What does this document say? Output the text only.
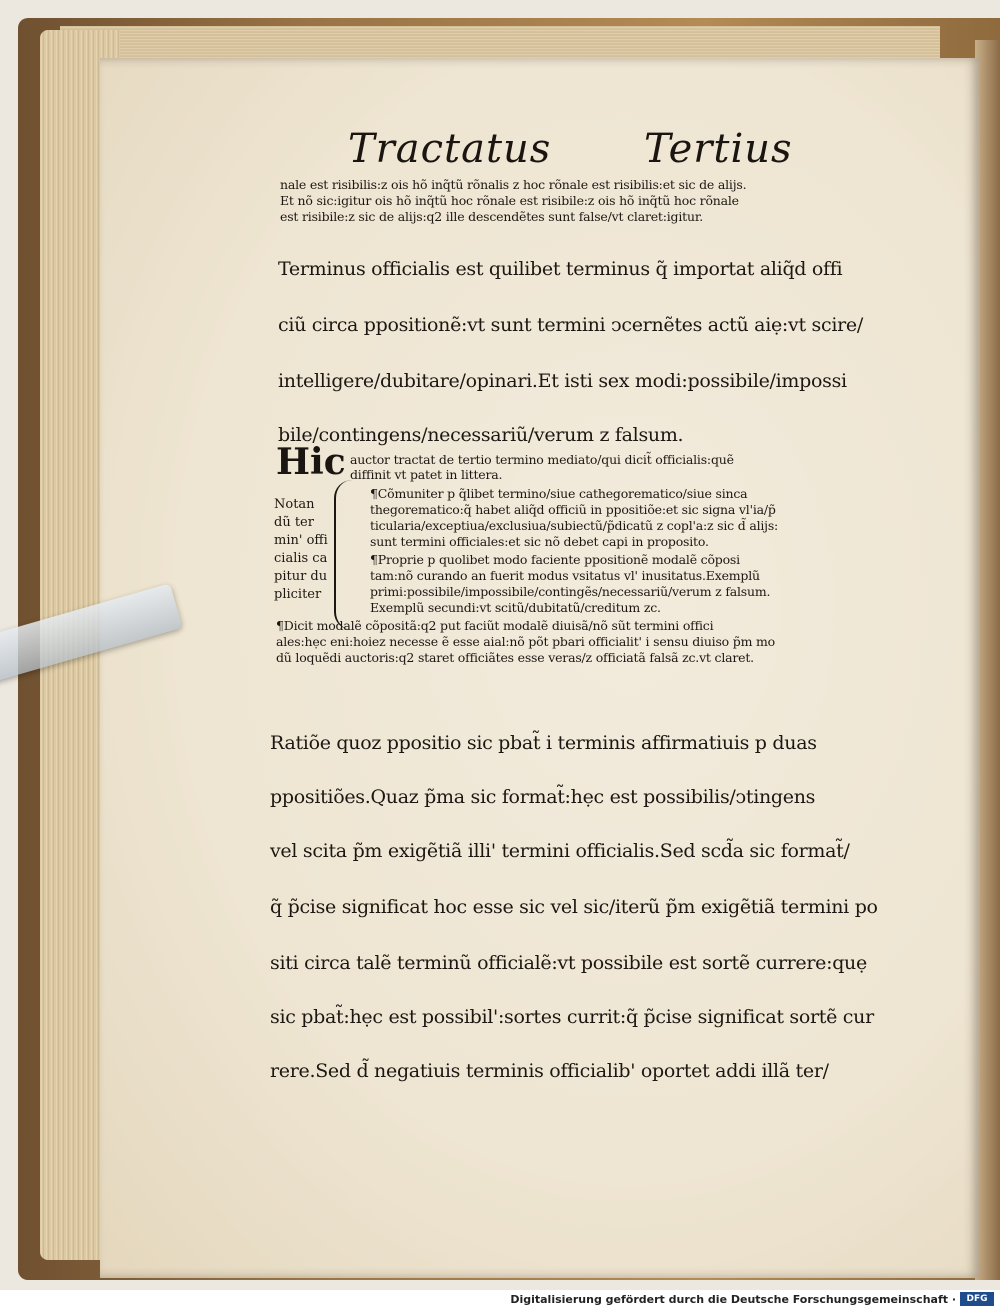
Tractatus Tertius
nale est risibilis:z ois hõ inq̃tũ rõnalis z hoc rõnale est risibilis:et sic de alijs.
Et nõ sic:igitur ois hõ inq̃tũ hoc rõnale est risibile:z ois hõ inq̃tũ hoc rõnale
est risibile:z sic de alijs:q2 ille descendẽtes sunt false/vt claret:igitur.
Terminus officialis est quilibet terminus q̃ importat aliq̃d offi
ciũ circa ppositionẽ:vt sunt termini ↄcernẽtes actũ aiẹ:vt scire/
intelligere/dubitare/opinari.Et isti sex modi:possibile/impossi
bile/contingens/necessariũ/verum z falsum.
Hic auctor tractat de tertio termino mediato/qui dicit̃ officialis:quẽ
diffinit vt patet in littera.
Notan
dũ ter
min' offi
cialis ca
pitur du
pliciter
¶Cõmuniter p q̃libet termino/siue cathegorematico/siue sinca
thegorematico:q̃ habet aliq̃d officiũ in ppositiõe:et sic signa vl'ia/p̃
ticularia/exceptiua/exclusiua/subiectũ/p̃dicatũ z copl'a:z sic d̃ alijs:
sunt termini officiales:et sic nõ debet capi in proposito.
¶Proprie p quolibet modo faciente ppositionẽ modalẽ cõposi
tam:nõ curando an fuerit modus vsitatus vl' inusitatus.Exemplũ
primi:possibile/impossibile/contingẽs/necessariũ/verum z falsum.
Exemplũ secundi:vt scitũ/dubitatũ/creditum zc.
¶Dicit modalẽ cõpositã:q2 put faciũt modalẽ diuisã/nõ sũt termini offici
ales:hẹc eni:hoiez necesse ẽ esse aial:nõ põt pbari officialit' i sensu diuiso p̃m mo
dũ loquẽdi auctoris:q2 staret officiãtes esse veras/z officiatã falsã zc.vt claret.
Ratiõe quoz ppositio sic pbat̃ i terminis affirmatiuis p duas
ppositiões.Quaz p̃ma sic format̃:hẹc est possibilis/ↄtingens
vel scita p̃m exigẽtiã illi' termini officialis.Sed scd̃a sic format̃/
q̃ p̃cise significat hoc esse sic vel sic/iterũ p̃m exigẽtiã termini po
siti circa talẽ terminũ officialẽ:vt possibile est sortẽ currere:quẹ
sic pbat̃:hẹc est possibil':sortes currit:q̃ p̃cise significat sortẽ cur
rere.Sed d̃ negatiuis terminis officialib' oportet addi illã ter/
Digitalisierung gefördert durch die Deutsche Forschungsgemeinschaft ·	DFG
